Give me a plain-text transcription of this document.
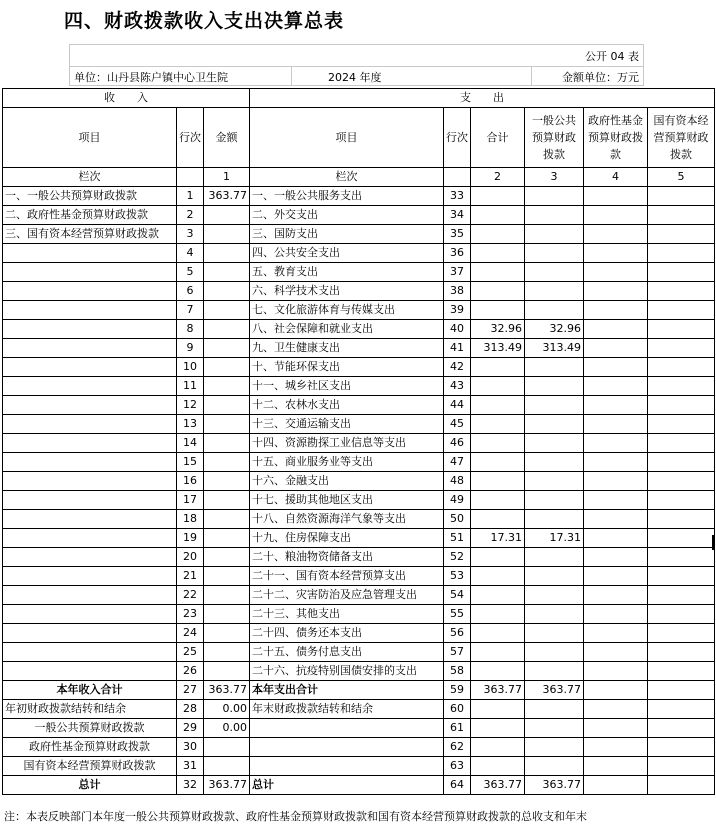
四、财政拨款收入支出决算总表
公开 04 表
单位：山丹县陈户镇中心卫生院	2024 年度	金额单位：万元
收　　入			支　　出					
项目	行次	金额	项目	行次	合计	一般公共预算财政拨款	政府性基金预算财政拨款	国有资本经营预算财政拨款
栏次		1	栏次		2	3	4	5
一、一般公共预算财政拨款	1	363.77	一、一般公共服务支出	33				
二、政府性基金预算财政拨款	2		二、外交支出	34				
三、国有资本经营预算财政拨款	3		三、国防支出	35				
	4		四、公共安全支出	36				
	5		五、教育支出	37				
	6		六、科学技术支出	38				
	7		七、文化旅游体育与传媒支出	39				
	8		八、社会保障和就业支出	40	32.96	32.96		
	9		九、卫生健康支出	41	313.49	313.49		
	10		十、节能环保支出	42				
	11		十一、城乡社区支出	43				
	12		十二、农林水支出	44				
	13		十三、交通运输支出	45				
	14		十四、资源勘探工业信息等支出	46				
	15		十五、商业服务业等支出	47				
	16		十六、金融支出	48				
	17		十七、援助其他地区支出	49				
	18		十八、自然资源海洋气象等支出	50				
	19		十九、住房保障支出	51	17.31	17.31		
	20		二十、粮油物资储备支出	52				
	21		二十一、国有资本经营预算支出	53				
	22		二十二、灾害防治及应急管理支出	54				
	23		二十三、其他支出	55				
	24		二十四、债务还本支出	56				
	25		二十五、债务付息支出	57				
	26		二十六、抗疫特别国债安排的支出	58				
本年收入合计	27	363.77	本年支出合计	59	363.77	363.77		
年初财政拨款结转和结余	28	0.00	年末财政拨款结转和结余	60				
一般公共预算财政拨款	29	0.00		61				
政府性基金预算财政拨款	30			62				
国有资本经营预算财政拨款	31			63				
总计	32	363.77	总计	64	363.77	363.77		
注：本表反映部门本年度一般公共预算财政拨款、政府性基金预算财政拨款和国有资本经营预算财政拨款的总收支和年末
